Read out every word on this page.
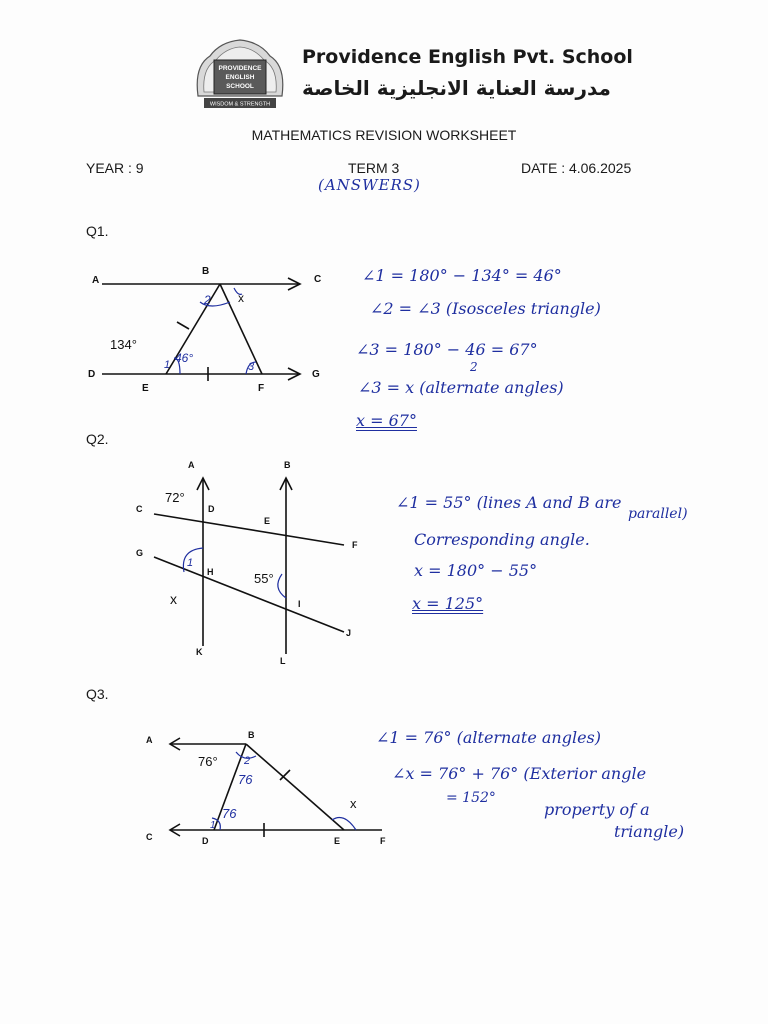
PROVIDENCE
ENGLISH
SCHOOL
WISDOM & STRENGTH
Providence English Pvt. School
مدرسة العناية الانجليزية الخاصة
MATHEMATICS REVISION WORKSHEET
YEAR : 9	TERM 3	DATE : 4.06.2025
(ANSWERS)
Q1.
A
B
C
D
E	F
G
134°
2 x
1 46°
3
∠1 = 180° − 134° = 46°
∠2 = ∠3 (Isosceles triangle)
∠3 = 180° − 46 = 67°
2
∠3 = x (alternate angles)
x = 67°
Q2.
A	B
C	D
E
F
G
H
I
J
K
L
72°
55°
1
x
∠1 = 55° (lines A and B are
parallel)
Corresponding angle.
x = 180° − 55°
x = 125°
Q3.
A	B
C	D	E	F
76° 2
76
1
76
x
∠1 = 76° (alternate angles)
∠x = 76° + 76° (Exterior angle
= 152°
property of a
triangle)
